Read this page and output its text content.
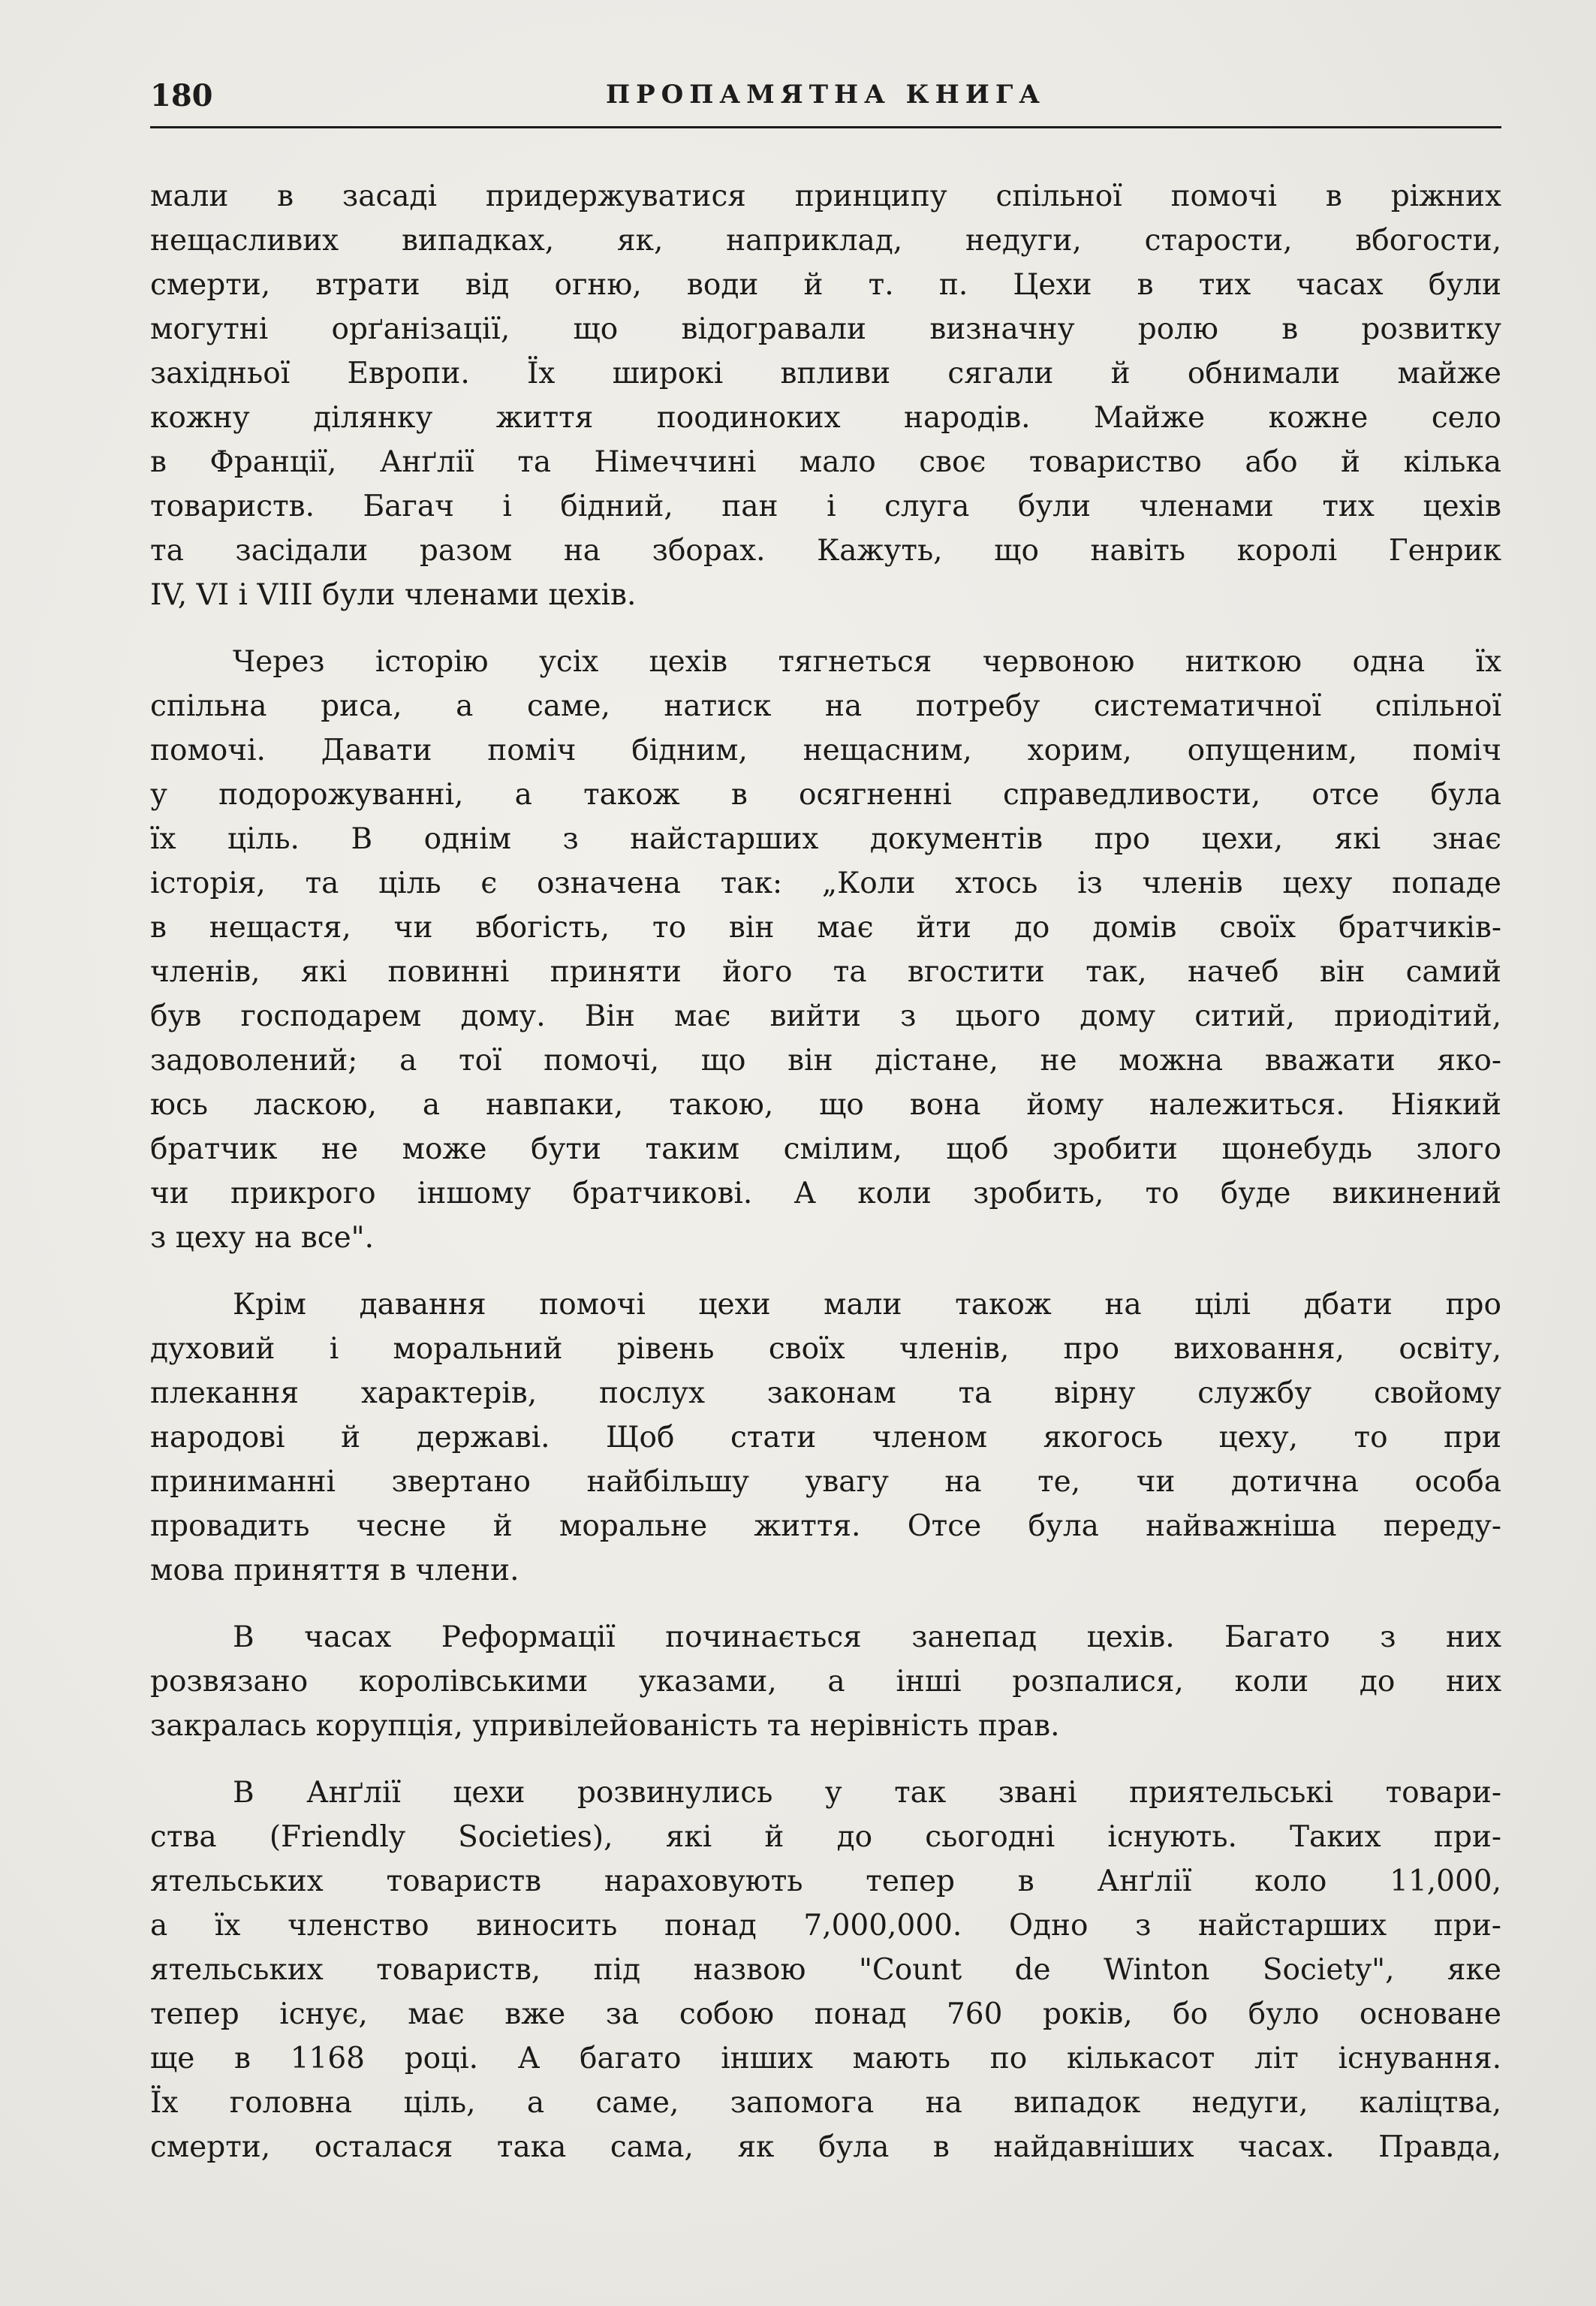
180	ПРОПАМЯТНА КНИГА

мали в засаді придержуватися принципу спільної помочі в ріжних

нещасливих випадках, як, наприклад, недуги, старости, вбогости,

смерти, втрати від огню, води й т. п. Цехи в тих часах були

могутні орґанізації, що відогравали визначну ролю в розвитку

західньої Европи. Їх широкі впливи сягали й обнимали майже

кожну ділянку життя поодиноких народів. Майже кожне село

в Франції, Анґлії та Німеччині мало своє товариство або й кілька

товариств. Багач і бідний, пан і слуга були членами тих цехів

та засідали разом на зборах. Кажуть, що навіть королі Генрик

IV, VI і VIII були членами цехів.

Через історію усіх цехів тягнеться червоною ниткою одна їх

спільна риса, а саме, натиск на потребу систематичної спільної

помочі. Давати поміч бідним, нещасним, хорим, опущеним, поміч

у подорожуванні, а також в осягненні справедливости, отсе була

їх ціль. В однім з найстарших документів про цехи, які знає

історія, та ціль є означена так: „Коли хтось із членів цеху попаде

в нещастя, чи вбогість, то він має йти до домів своїх братчиків-

членів, які повинні приняти його та вгостити так, начеб він самий

був господарем дому. Він має вийти з цього дому ситий, приодітий,

задоволений; а тої помочі, що він дістане, не можна вважати яко-

юсь ласкою, а навпаки, такою, що вона йому належиться. Ніякий

братчик не може бути таким смілим, щоб зробити щонебудь злого

чи прикрого іншому братчикові. А коли зробить, то буде викинений

з цеху на все".

Крім давання помочі цехи мали також на цілі дбати про

духовий і моральний рівень своїх членів, про виховання, освіту,

плекання характерів, послух законам та вірну службу свойому

народові й державі. Щоб стати членом якогось цеху, то при

приниманні звертано найбільшу увагу на те, чи дотична особа

провадить чесне й моральне життя. Отсе була найважніша переду-

мова приняття в члени.

В часах Реформації починається занепад цехів. Багато з них

розвязано королівськими указами, а інші розпалися, коли до них

закралась корупція, упривілейованість та нерівність прав.

В Анґлії цехи розвинулись у так звані приятельські товари-

ства (Friendly Societies), які й до сьогодні існують. Таких при-

ятельських товариств нараховують тепер в Анґлії коло 11,000,

а їх членство виносить понад 7,000,000. Одно з найстарших при-

ятельських товариств, під назвою "Count de Winton Society", яке

тепер існує, має вже за собою понад 760 років, бо було основане

ще в 1168 році. А багато інших мають по кількасот літ існування.

Їх головна ціль, а саме, запомога на випадок недуги, каліцтва,

смерти, осталася така сама, як була в найдавніших часах. Правда,
